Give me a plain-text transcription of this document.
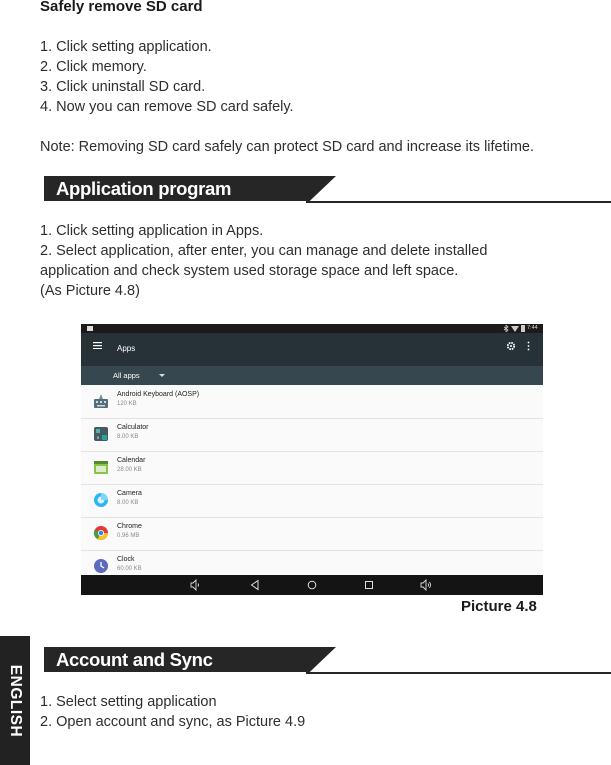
Safely remove SD card
1. Click setting application.
2. Click memory.
3. Click uninstall SD card.
4. Now you can remove SD card safely.
Note: Removing SD card safely can protect SD card and increase its lifetime.
Application program
1. Click setting application in Apps.
2. Select application, after enter, you can manage and delete installed
application and check system used storage space and left space.
(As Picture 4.8)
7:44
Apps
All apps
Android Keyboard (AOSP)
120 KB
×
Calculator
8.00 KB
Calendar
28.00 KB
Camera
8.00 KB
Chrome
0.96 MB
Clock
60.00 KB
Picture 4.8
Account and Sync
1. Select setting application
2. Open account and sync, as Picture 4.9
ENGLISH
